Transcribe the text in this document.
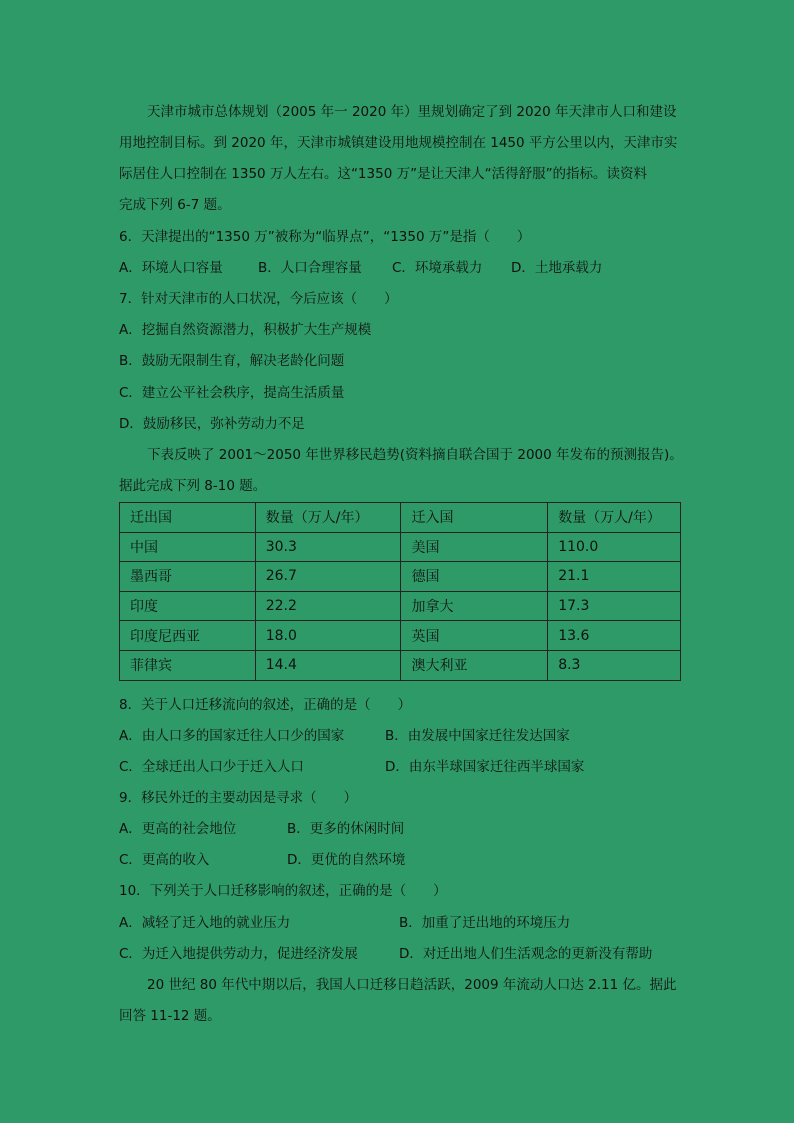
天津市城市总体规划（2005 年一 2020 年）里规划确定了到 2020 年天津市人口和建设
用地控制目标。到 2020 年，天津市城镇建设用地规模控制在 1450 平方公里以内，天津市实
际居住人口控制在 1350 万人左右。这“1350 万”是让天津人“活得舒服”的指标。读资料
完成下列 6-7 题。
6．天津提出的“1350 万”被称为“临界点”，“1350 万”是指（　　）
A．环境人口容量	B．人口合理容量 C．环境承载力 D．土地承载力
7．针对天津市的人口状况，今后应该（　　）
A．挖掘自然资源潜力，积极扩大生产规模
B．鼓励无限制生育，解决老龄化问题
C．建立公平社会秩序，提高生活质量
D．鼓励移民，弥补劳动力不足
下表反映了 2001～2050 年世界移民趋势(资料摘自联合国于 2000 年发布的预测报告)。
据此完成下列 8-10 题。
迁出国	数量（万人/年）	迁入国	数量（万人/年）
中国	30.3	美国	110.0
墨西哥	26.7	德国	21.1
印度	22.2	加拿大	17.3
印度尼西亚	18.0	英国	13.6
菲律宾	14.4	澳大利亚	8.3
8．关于人口迁移流向的叙述，正确的是（　　）
A．由人口多的国家迁往人口少的国家	B．由发展中国家迁往发达国家
C．全球迁出人口少于迁入人口	D．由东半球国家迁往西半球国家
9．移民外迁的主要动因是寻求（　　）
A．更高的社会地位	B．更多的休闲时间
C．更高的收入	D．更优的自然环境
10．下列关于人口迁移影响的叙述，正确的是（　　）
A．减轻了迁入地的就业压力	B．加重了迁出地的环境压力
C．为迁入地提供劳动力，促进经济发展	D．对迁出地人们生活观念的更新没有帮助
20 世纪 80 年代中期以后，我国人口迁移日趋活跃，2009 年流动人口达 2.11 亿。据此
回答 11-12 题。
